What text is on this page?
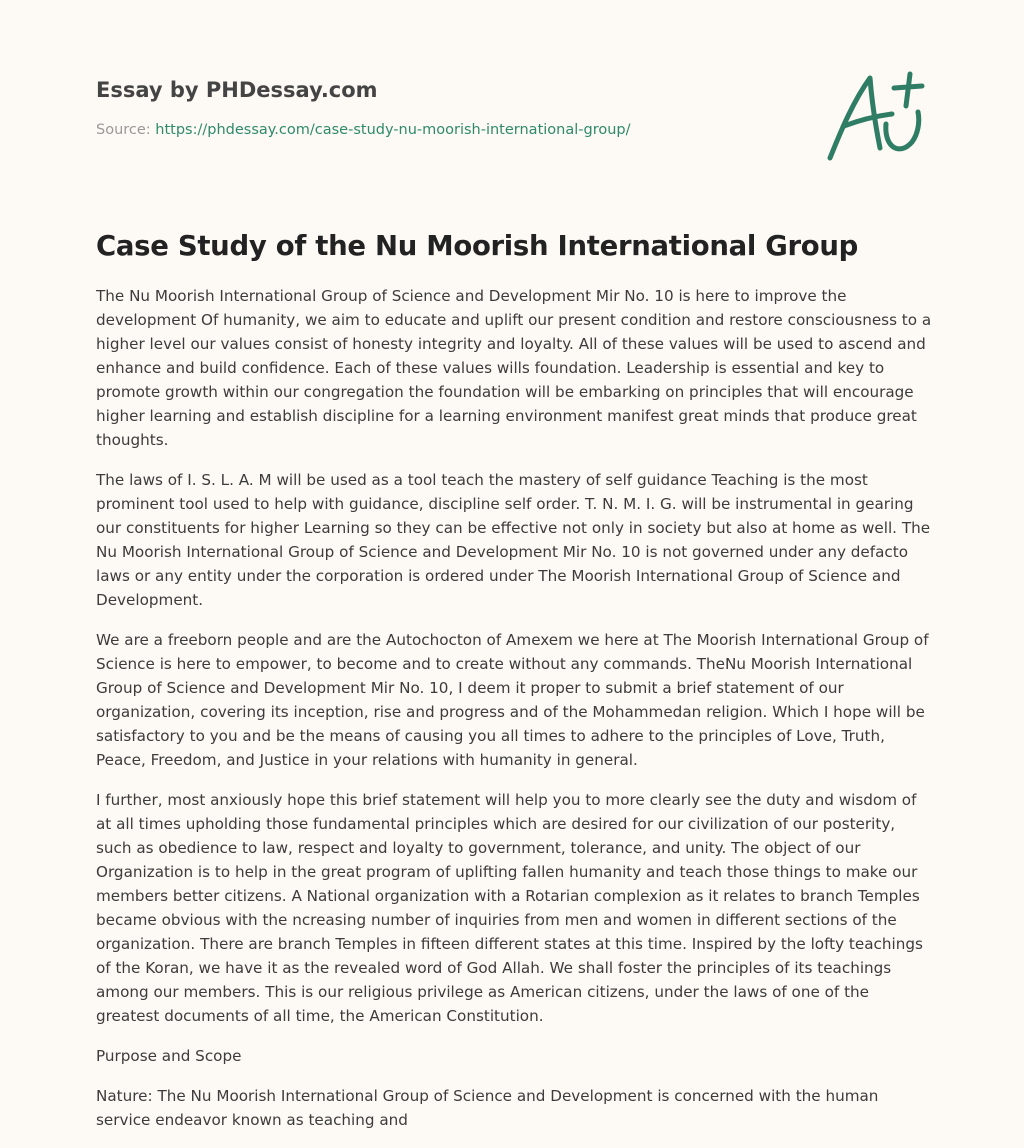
Essay by PHDessay.com
Source: https://phdessay.com/case-study-nu-moorish-international-group/
Case Study of the Nu Moorish International Group

The Nu Moorish International Group of Science and Development Mir No. 10 is here to improve the development Of humanity, we aim to educate and uplift our present condition and restore consciousness to a higher level our values consist of honesty integrity and loyalty. All of these values will be used to ascend and enhance and build confidence. Each of these values wills foundation. Leadership is essential and key to promote growth within our congregation the foundation will be embarking on principles that will encourage higher learning and establish discipline for a learning environment manifest great minds that produce great thoughts.

The laws of I. S. L. A. M will be used as a tool teach the mastery of self guidance Teaching is the most prominent tool used to help with guidance, discipline self order. T. N. M. I. G. will be instrumental in gearing our constituents for higher Learning so they can be effective not only in society but also at home as well. The Nu Moorish International Group of Science and Development Mir No. 10 is not governed under any defacto laws or any entity under the corporation is ordered under The Moorish International Group of Science and Development.

We are a freeborn people and are the Autochocton of Amexem we here at The Moorish International Group of Science is here to empower, to become and to create without any commands. TheNu Moorish International Group of Science and Development Mir No. 10, I deem it proper to submit a brief statement of our organization, covering its inception, rise and progress and of the Mohammedan religion. Which I hope will be satisfactory to you and be the means of causing you all times to adhere to the principles of Love, Truth, Peace, Freedom, and Justice in your relations with humanity in general.

I further, most anxiously hope this brief statement will help you to more clearly see the duty and wisdom of at all times upholding those fundamental principles which are desired for our civilization of our posterity, such as obedience to law, respect and loyalty to government, tolerance, and unity. The object of our Organization is to help in the great program of uplifting fallen humanity and teach those things to make our members better citizens. A National organization with a Rotarian complexion as it relates to branch Temples became obvious with the ncreasing number of inquiries from men and women in different sections of the organization. There are branch Temples in fifteen different states at this time. Inspired by the lofty teachings of the Koran, we have it as the revealed word of God Allah. We shall foster the principles of its teachings among our members. This is our religious privilege as American citizens, under the laws of one of the greatest documents of all time, the American Constitution.

Purpose and Scope

Nature: The Nu Moorish International Group of Science and Development is concerned with the human service endeavor known as teaching and
